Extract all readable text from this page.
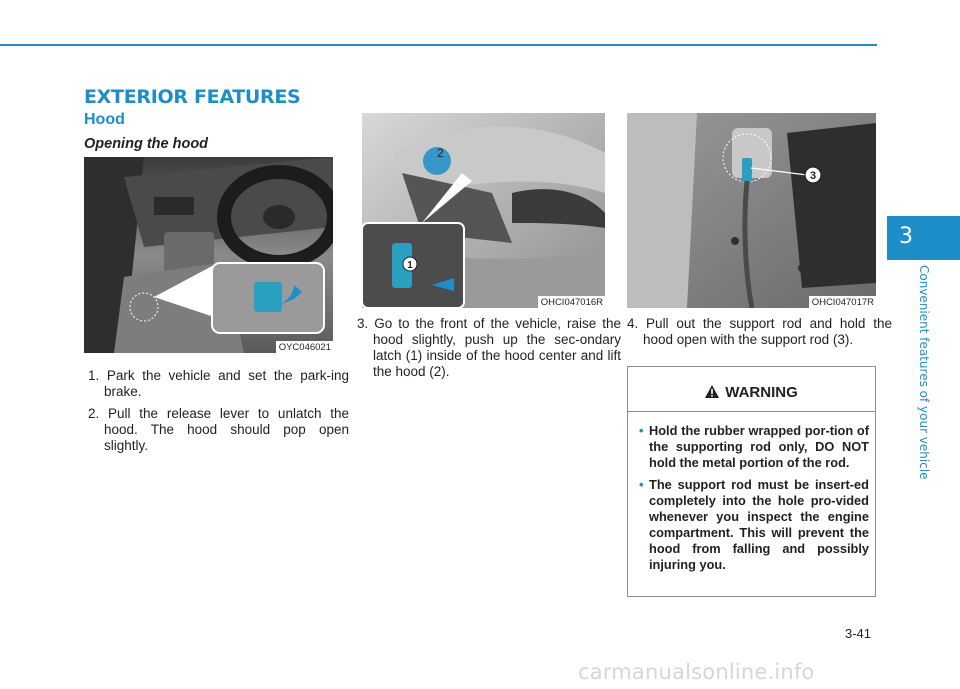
EXTERIOR FEATURES
Hood
Opening the hood
OYC046021
2
1
OHCI047016R
3
OHCI047017R

1. Park the vehicle and set the park-ing brake.

2. Pull the release lever to unlatch the hood. The hood should pop open slightly.

3. Go to the front of the vehicle, raise the hood slightly, push up the sec-ondary latch (1) inside of the hood center and lift the hood (2).

4. Pull out the support rod and hold the hood open with the support rod (3).

WARNING
• Hold the rubber wrapped por-tion of the supporting rod only, DO NOT hold the metal portion of the rod.
• The support rod must be insert-ed completely into the hole pro-vided whenever you inspect the engine compartment. This will prevent the hood from falling and possibly injuring you.
3
Convenient features of your vehicle
3-41
carmanualsonline.info
